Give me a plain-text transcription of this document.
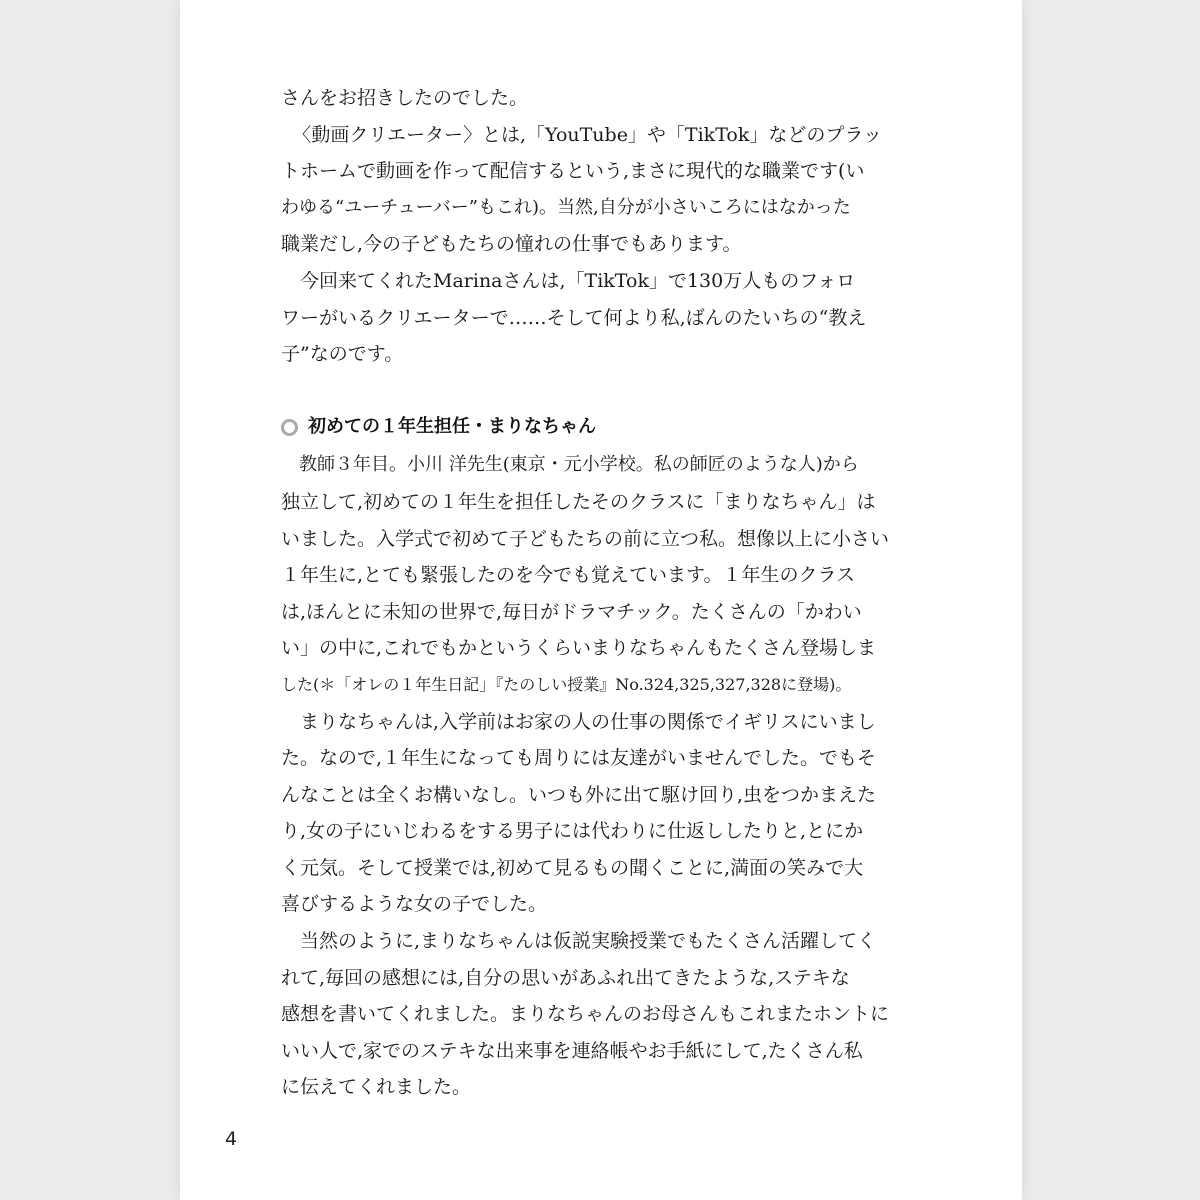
さんをお招きしたのでした。
〈動画クリエーター〉とは,「YouTube」や「TikTok」などのプラッ
トホームで動画を作って配信するという,まさに現代的な職業です(い
わゆる“ユーチューバー”もこれ)。当然,自分が小さいころにはなかった
職業だし,今の子どもたちの憧れの仕事でもあります。
今回来てくれたMarinaさんは,「TikTok」で130万人ものフォロ
ワーがいるクリエーターで……そして何より私,ばんのたいちの“教え
子”なのです。
初めての１年生担任・まりなちゃん
教師３年目。小川 洋先生(東京・元小学校。私の師匠のような人)から
独立して,初めての１年生を担任したそのクラスに「まりなちゃん」は
いました。入学式で初めて子どもたちの前に立つ私。想像以上に小さい
１年生に,とても緊張したのを今でも覚えています。１年生のクラス
は,ほんとに未知の世界で,毎日がドラマチック。たくさんの「かわい
い」の中に,これでもかというくらいまりなちゃんもたくさん登場しま
した(＊「オレの１年生日記」『たのしい授業』No.324,325,327,328に登場)。
まりなちゃんは,入学前はお家の人の仕事の関係でイギリスにいまし
た。なので,１年生になっても周りには友達がいませんでした。でもそ
んなことは全くお構いなし。いつも外に出て駆け回り,虫をつかまえた
り,女の子にいじわるをする男子には代わりに仕返ししたりと,とにか
く元気。そして授業では,初めて見るもの聞くことに,満面の笑みで大
喜びするような女の子でした。
当然のように,まりなちゃんは仮説実験授業でもたくさん活躍してく
れて,毎回の感想には,自分の思いがあふれ出てきたような,ステキな
感想を書いてくれました。まりなちゃんのお母さんもこれまたホントに
いい人で,家でのステキな出来事を連絡帳やお手紙にして,たくさん私
に伝えてくれました。
4
